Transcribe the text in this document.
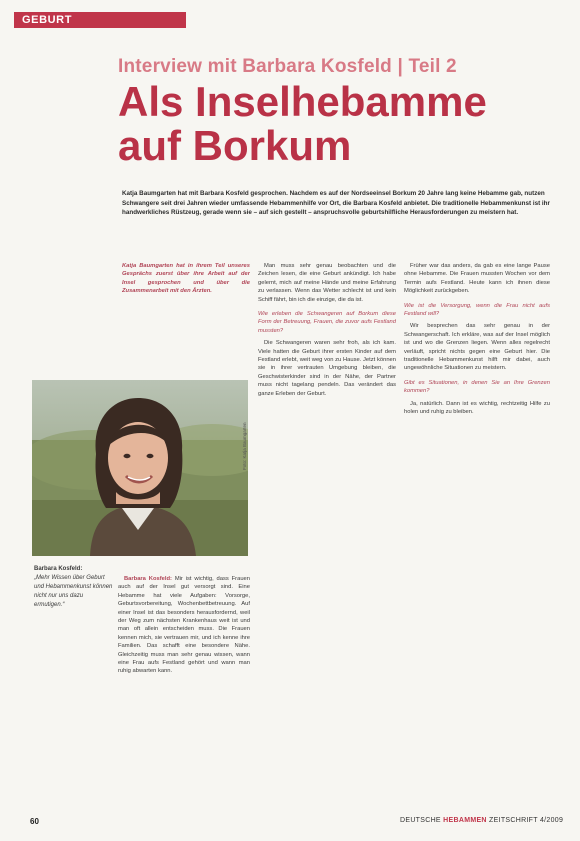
GEBURT
Interview mit Barbara Kosfeld | Teil 2
Als Inselhebamme
auf Borkum
Katja Baumgarten hat mit Barbara Kosfeld gesprochen. Nachdem es auf der Nordseeinsel Borkum 20 Jahre lang keine Hebamme gab, nutzen Schwangere seit drei Jahren wieder umfassende Hebammenhilfe vor Ort, die Barbara Kosfeld anbietet. Die traditionelle Hebammenkunst ist ihr handwerkliches Rüstzeug, gerade wenn sie – auf sich gestellt – anspruchsvolle geburtshilfliche Herausforderungen zu meistern hat.
Katja Baumgarten hat in ihrem Teil unseres Gesprächs zuerst über ihre Arbeit auf der Insel gesprochen und über die Zusammenarbeit mit den Ärzten.
Foto: Katja Baumgarten
Barbara Kosfeld:
„Mehr Wissen über Geburt und Hebammenkunst können nicht nur uns dazu ermutigen.“
Barbara Kosfeld: Mir ist wichtig, dass Frauen auch auf der Insel gut versorgt sind. Eine Hebamme hat viele Aufgaben: Vorsorge, Geburtsvorbereitung, Wochenbettbetreuung. Auf einer Insel ist das besonders herausfordernd, weil der Weg zum nächsten Krankenhaus weit ist und man oft allein entscheiden muss. Die Frauen kennen mich, sie vertrauen mir, und ich kenne ihre Familien. Das schafft eine besondere Nähe. Gleichzeitig muss man sehr genau wissen, wann eine Frau aufs Festland gehört und wann man ruhig abwarten kann.
Man muss sehr genau beobachten und die Zeichen lesen, die eine Geburt ankündigt. Ich habe gelernt, mich auf meine Hände und meine Erfahrung zu verlassen. Wenn das Wetter schlecht ist und kein Schiff fährt, bin ich die einzige, die da ist.
Wie erleben die Schwangeren auf Borkum diese Form der Betreuung, Frauen, die zuvor aufs Festland mussten?
Die Schwangeren waren sehr froh, als ich kam. Viele hatten die Geburt ihrer ersten Kinder auf dem Festland erlebt, weit weg von zu Hause. Jetzt können sie in ihrer vertrauten Umgebung bleiben, die Geschwisterkinder sind in der Nähe, der Partner muss nicht tagelang pendeln. Das verändert das ganze Erleben der Geburt.
Früher war das anders, da gab es eine lange Pause ohne Hebamme. Die Frauen mussten Wochen vor dem Termin aufs Festland. Heute kann ich ihnen diese Möglichkeit zurückgeben.
Wie ist die Versorgung, wenn die Frau nicht aufs Festland will?
Wir besprechen das sehr genau in der Schwangerschaft. Ich erkläre, was auf der Insel möglich ist und wo die Grenzen liegen. Wenn alles regelrecht verläuft, spricht nichts gegen eine Geburt hier. Die traditionelle Hebammenkunst hilft mir dabei, auch ungewöhnliche Situationen zu meistern.
Gibt es Situationen, in denen Sie an Ihre Grenzen kommen?
Ja, natürlich. Dann ist es wichtig, rechtzeitig Hilfe zu holen und ruhig zu bleiben.
60	DEUTSCHE HEBAMMEN ZEITSCHRIFT 4/2009
